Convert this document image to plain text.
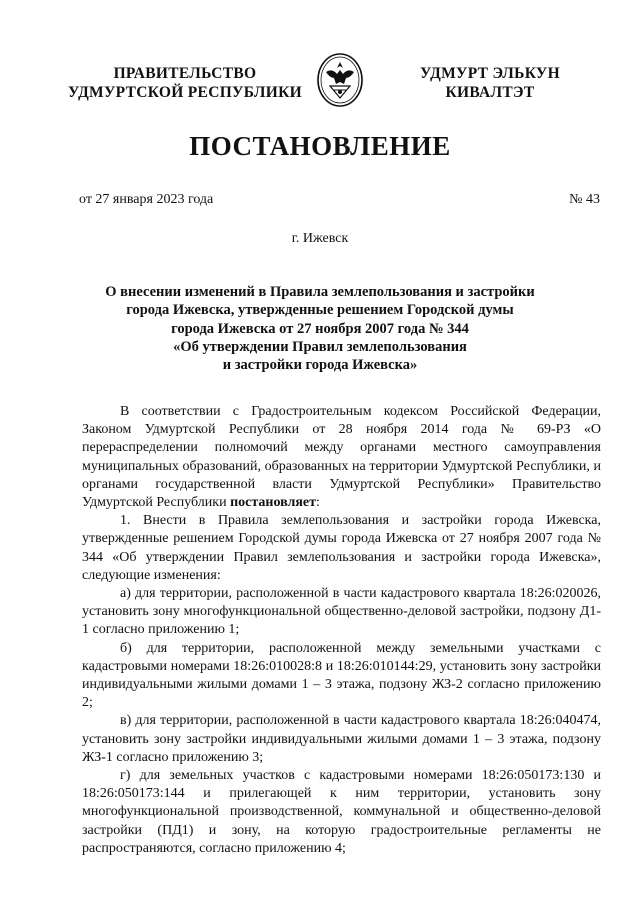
ПРАВИТЕЛЬСТВО
УДМУРТСКОЙ РЕСПУБЛИКИ
УДМУРТ ЭЛЬКУН
КИВАЛТЭТ
ПОСТАНОВЛЕНИЕ
от 27 января 2023 года	№ 43
г. Ижевск
О внесении изменений в Правила землепользования и застройки
города Ижевска, утвержденные решением Городской думы
города Ижевска от 27 ноября 2007 года № 344
«Об утверждении Правил землепользования
и застройки города Ижевска»

В соответствии с Градостроительным кодексом Российской Федерации, Законом Удмуртской Республики от 28 ноября 2014 года № 69-РЗ «О перераспределении полномочий между органами местного самоуправления муниципальных образований, образованных на территории Удмуртской Республики, и органами государственной власти Удмуртской Республики» Правительство Удмуртской Республики постановляет:

1. Внести в Правила землепользования и застройки города Ижевска, утвержденные решением Городской думы города Ижевска от 27 ноября 2007 года № 344 «Об утверждении Правил землепользования и застройки города Ижевска», следующие изменения:

а) для территории, расположенной в части кадастрового квартала 18:26:020026, установить зону многофункциональной общественно-деловой застройки, подзону Д1-1 согласно приложению 1;

б) для территории, расположенной между земельными участками с кадастровыми номерами 18:26:010028:8 и 18:26:010144:29, установить зону застройки индивидуальными жилыми домами 1 – 3 этажа, подзону ЖЗ-2 согласно приложению 2;

в) для территории, расположенной в части кадастрового квартала 18:26:040474, установить зону застройки индивидуальными жилыми домами 1 – 3 этажа, подзону ЖЗ-1 согласно приложению 3;

г) для земельных участков с кадастровыми номерами 18:26:050173:130 и 18:26:050173:144 и прилегающей к ним территории, установить зону многофункциональной производственной, коммунальной и общественно-деловой застройки (ПД1) и зону, на которую градостроительные регламенты не распространяются, согласно приложению 4;
